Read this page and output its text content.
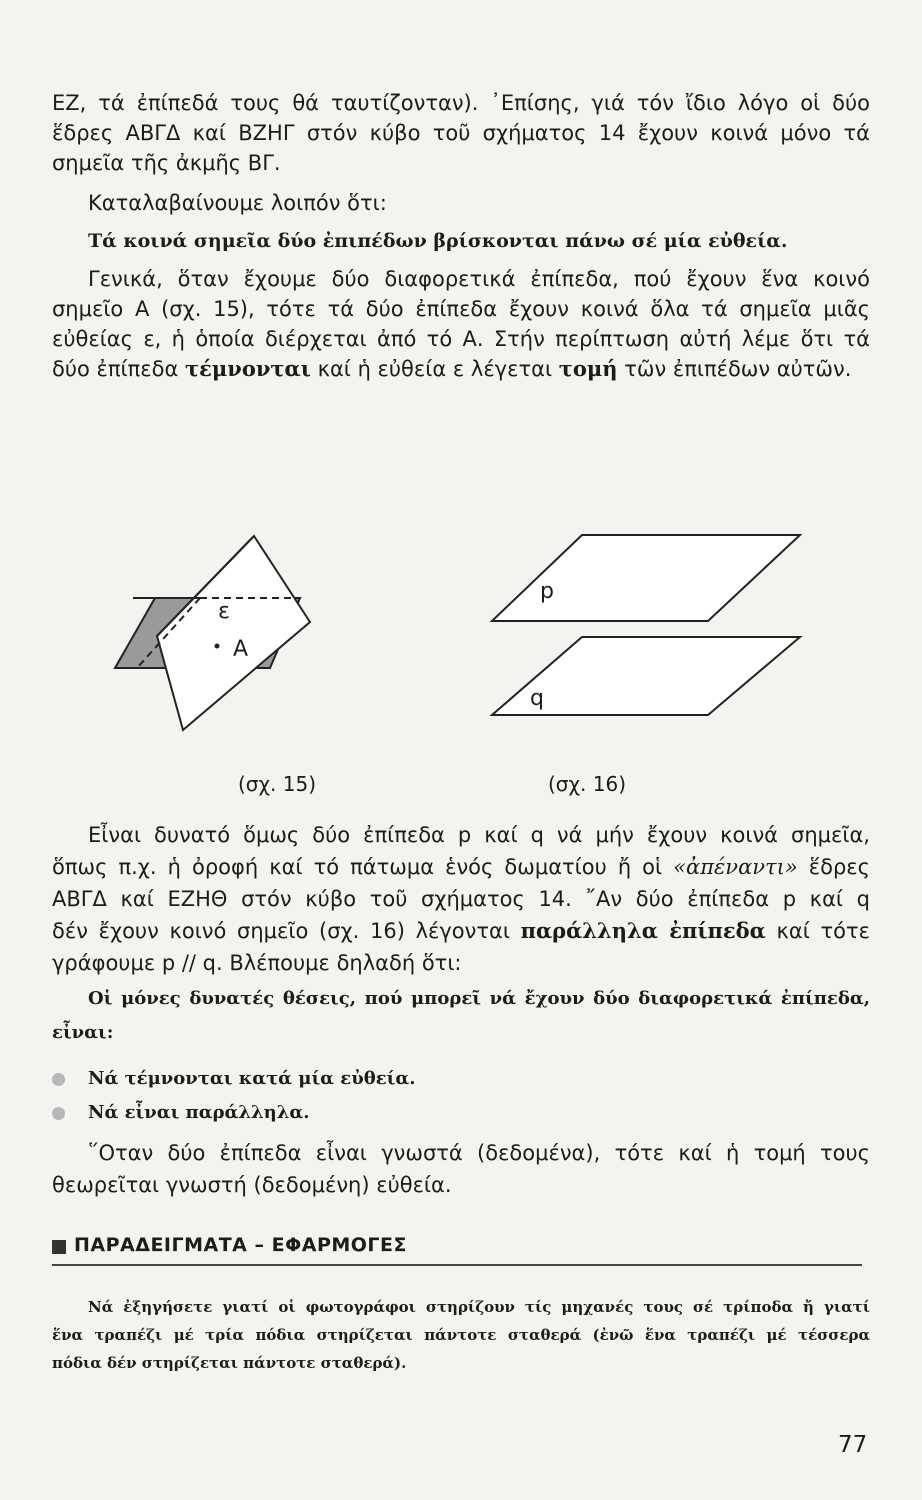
ΕΖ, τά ἐπίπεδά τους θά ταυτίζονταν). ᾿Επίσης, γιά τόν ἴδιο λόγο οἱ δύο
ἕδρες ΑΒΓΔ καί ΒΖΗΓ στόν κύβο τοῦ σχήματος 14 ἔχουν κοινά μόνο τά
σημεῖα τῆς ἀκμῆς ΒΓ.
Καταλαβαίνουμε λοιπόν ὅτι:
Τά κοινά σημεῖα δύο ἐπιπέδων βρίσκονται πάνω σέ μία εὐθεία.
Γενικά, ὅταν ἔχουμε δύο διαφορετικά ἐπίπεδα, πού ἔχουν ἕνα κοινό
σημεῖο Α (σχ. 15), τότε τά δύο ἐπίπεδα ἔχουν κοινά ὅλα τά σημεῖα μιᾶς
εὐθείας ε, ἡ ὁποία διέρχεται ἀπό τό Α. Στήν περίπτωση αὐτή λέμε ὅτι τά
δύο ἐπίπεδα τέμνονται καί ἡ εὐθεία ε λέγεται τομή τῶν ἐπιπέδων αὐτῶν.
ε
Α
(σχ. 15)
p
q
(σχ. 16)
Εἶναι δυνατό ὅμως δύο ἐπίπεδα p καί q νά μήν ἔχουν κοινά σημεῖα,
ὅπως π.χ. ἡ ὀροφή καί τό πάτωμα ἑνός δωματίου ἤ οἱ «ἀπέναντι» ἕδρες
ΑΒΓΔ καί ΕΖΗΘ στόν κύβο τοῦ σχήματος 14. ῎Αν δύο ἐπίπεδα p καί q
δέν ἔχουν κοινό σημεῖο (σχ. 16) λέγονται παράλληλα ἐπίπεδα καί τότε
γράφουμε p // q. Βλέπουμε δηλαδή ὅτι:
Οἱ μόνες δυνατές θέσεις, πού μπορεῖ νά ἔχουν δύο διαφορετικά ἐπίπεδα,
εἶναι:
Νά τέμνονται κατά μία εὐθεία.
Νά εἶναι παράλληλα.
῞Οταν δύο ἐπίπεδα εἶναι γνωστά (δεδομένα), τότε καί ἡ τομή τους
θεωρεῖται γνωστή (δεδομένη) εὐθεία.
ΠΑΡΑΔΕΙΓΜΑΤΑ – ΕΦΑΡΜΟΓΕΣ
Νά ἐξηγήσετε γιατί οἱ φωτογράφοι στηρίζουν τίς μηχανές τους σέ τρίποδα ἤ γιατί
ἕνα τραπέζι μέ τρία πόδια στηρίζεται πάντοτε σταθερά (ἐνῶ ἕνα τραπέζι μέ τέσσερα
πόδια δέν στηρίζεται πάντοτε σταθερά).
77
